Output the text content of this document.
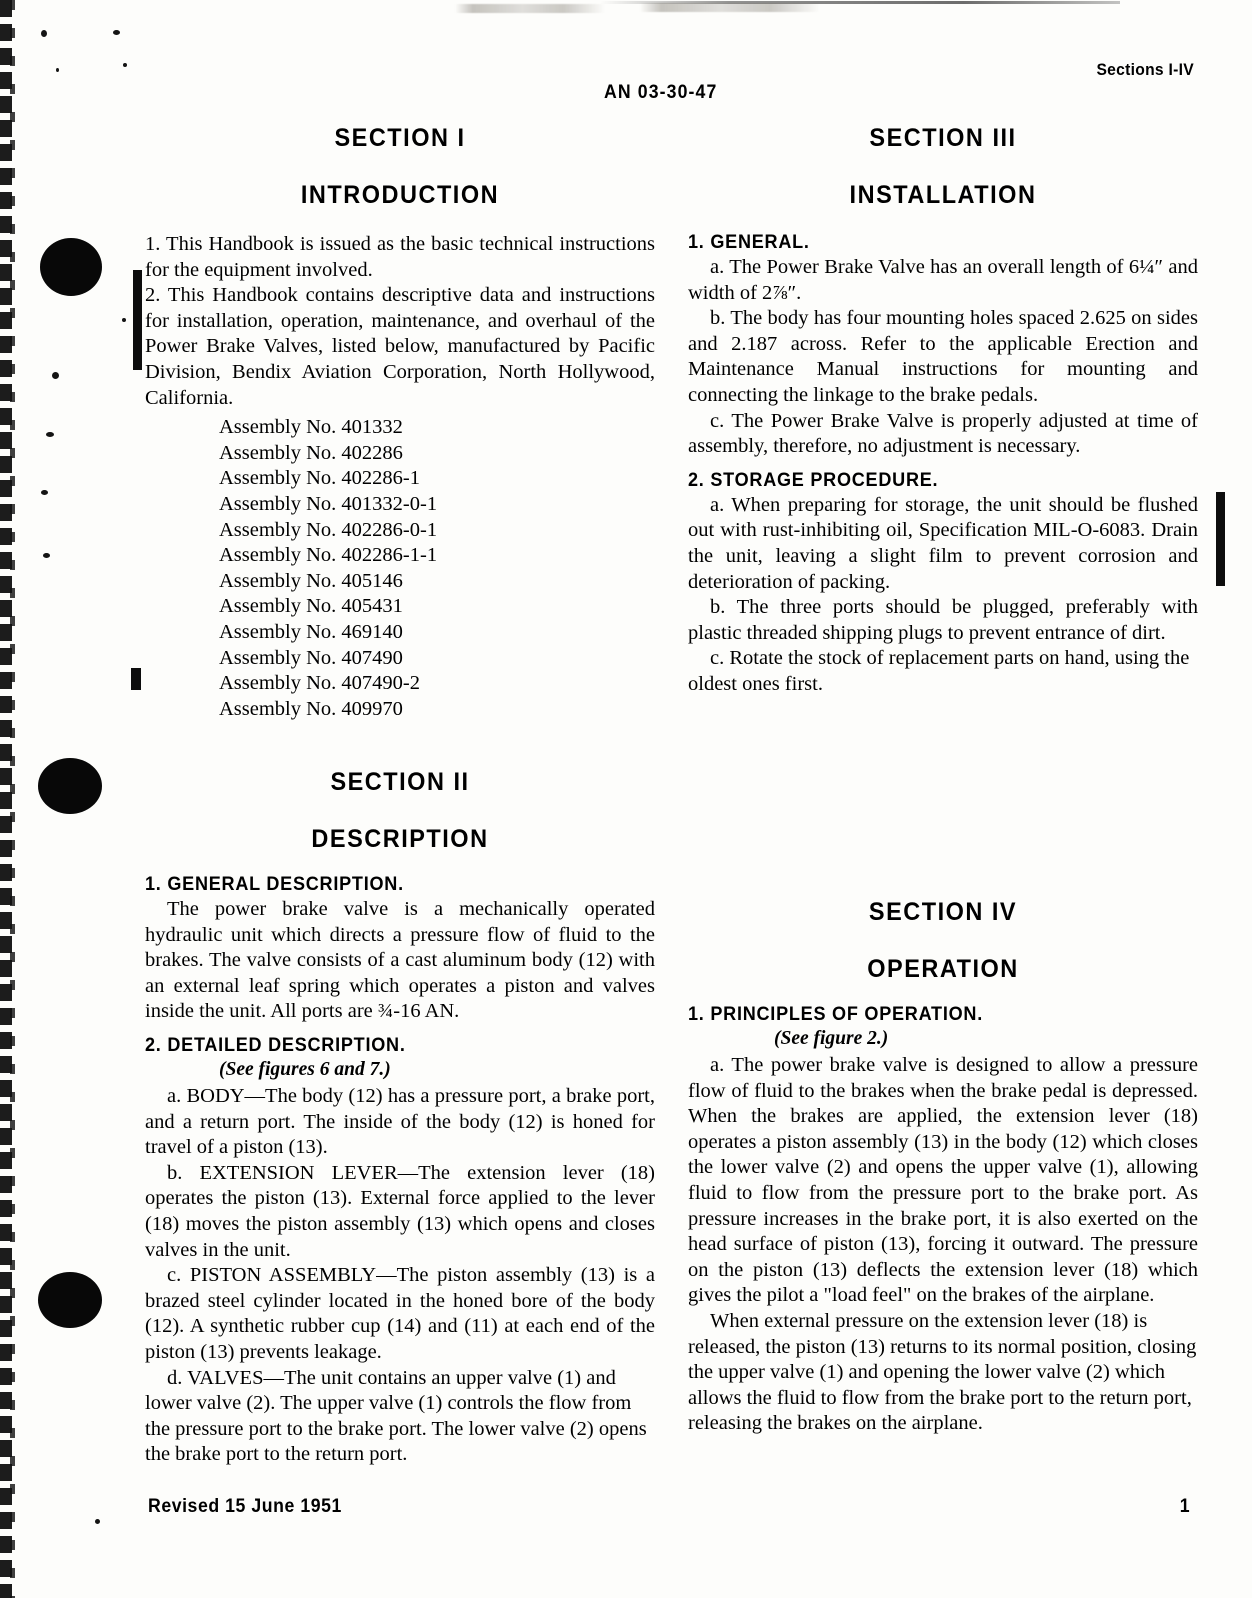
Sections I-IV
AN 03-30-47
SECTION I
INTRODUCTION

1. This Handbook is issued as the basic technical instructions for the equipment involved.

2. This Handbook contains descriptive data and instructions for installation, operation, maintenance, and overhaul of the Power Brake Valves, listed below, manufactured by Pacific Division, Bendix Aviation Corporation, North Hollywood, California.

Assembly No. 401332
Assembly No. 402286
Assembly No. 402286-1
Assembly No. 401332-0-1
Assembly No. 402286-0-1
Assembly No. 402286-1-1
Assembly No. 405146
Assembly No. 405431
Assembly No. 469140
Assembly No. 407490
Assembly No. 407490-2
Assembly No. 409970
SECTION II
DESCRIPTION
1. GENERAL DESCRIPTION.

The power brake valve is a mechanically operated hydraulic unit which directs a pressure flow of fluid to the brakes. The valve consists of a cast aluminum body (12) with an external leaf spring which operates a piston and valves inside the unit. All ports are ¾-16 AN.

2. DETAILED DESCRIPTION.
(See figures 6 and 7.)

a. BODY—The body (12) has a pressure port, a brake port, and a return port. The inside of the body (12) is honed for travel of a piston (13).

b. EXTENSION LEVER—The extension lever (18) operates the piston (13). External force applied to the lever (18) moves the piston assembly (13) which opens and closes valves in the unit.

c. PISTON ASSEMBLY—The piston assembly (13) is a brazed steel cylinder located in the honed bore of the body (12). A synthetic rubber cup (14) and (11) at each end of the piston (13) prevents leakage.

d. VALVES—The unit contains an upper valve (1) and lower valve (2). The upper valve (1) controls the flow from the pressure port to the brake port. The lower valve (2) opens the brake port to the return port.

SECTION III
INSTALLATION
1. GENERAL.

a. The Power Brake Valve has an overall length of 6¼″ and width of 2⅞″.

b. The body has four mounting holes spaced 2.625 on sides and 2.187 across. Refer to the applicable Erection and Maintenance Manual instructions for mounting and connecting the linkage to the brake pedals.

c. The Power Brake Valve is properly adjusted at time of assembly, therefore, no adjustment is necessary.

2. STORAGE PROCEDURE.

a. When preparing for storage, the unit should be flushed out with rust-inhibiting oil, Specification MIL-O-6083. Drain the unit, leaving a slight film to prevent corrosion and deterioration of packing.

b. The three ports should be plugged, preferably with plastic threaded shipping plugs to prevent entrance of dirt.

c. Rotate the stock of replacement parts on hand, using the oldest ones first.

SECTION IV
OPERATION
1. PRINCIPLES OF OPERATION.
(See figure 2.)

a. The power brake valve is designed to allow a pressure flow of fluid to the brakes when the brake pedal is depressed. When the brakes are applied, the extension lever (18) operates a piston assembly (13) in the body (12) which closes the lower valve (2) and opens the upper valve (1), allowing fluid to flow from the pressure port to the brake port. As pressure increases in the brake port, it is also exerted on the head surface of piston (13), forcing it outward. The pressure on the piston (13) deflects the extension lever (18) which gives the pilot a "load feel" on the brakes of the airplane.

When external pressure on the extension lever (18) is released, the piston (13) returns to its normal position, closing the upper valve (1) and opening the lower valve (2) which allows the fluid to flow from the brake port to the return port, releasing the brakes on the airplane.

Revised 15 June 1951	1
